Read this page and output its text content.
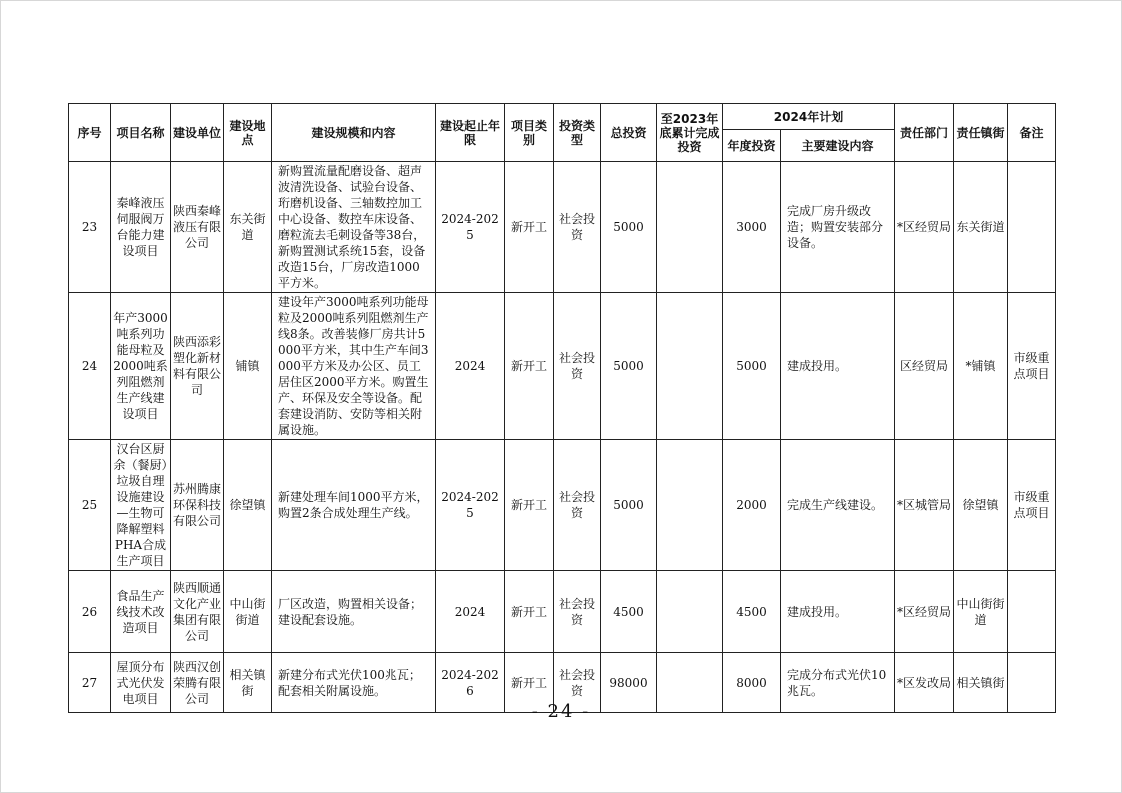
序号	项目名称	建设单位	建设地点	建设规模和内容	建设起止年限	项目类别	投资类型	总投资	至2023年底累计完成投资	2024年计划		责任部门	责任镇街	备注
										年度投资	主要建设内容			
23	秦峰液压伺服阀万台能力建设项目	陕西秦峰液压有限公司	东关街道	新购置流量配磨设备、超声波清洗设备、试验台设备、珩磨机设备、三轴数控加工中心设备、数控车床设备、磨粒流去毛刺设备等38台，新购置测试系统15套，设备改造15台，厂房改造1000平方米。	2024-2025	新开工	社会投资	5000		3000	完成厂房升级改造；购置安装部分设备。	*区经贸局	东关街道	
24	年产3000吨系列功能母粒及2000吨系列阻燃剂生产线建设项目	陕西添彩塑化新材料有限公司	铺镇	建设年产3000吨系列功能母粒及2000吨系列阻燃剂生产线8条。改善装修厂房共计5000平方米，其中生产车间3000平方米及办公区、员工居住区2000平方米。购置生产、环保及安全等设备。配套建设消防、安防等相关附属设施。	2024	新开工	社会投资	5000		5000	建成投用。	区经贸局	*铺镇	市级重点项目
25	汉台区厨余（餐厨）垃圾自理设施建设—生物可降解塑料PHA合成生产项目	苏州腾康环保科技有限公司	徐望镇	新建处理车间1000平方米，购置2条合成处理生产线。	2024-2025	新开工	社会投资	5000		2000	完成生产线建设。	*区城管局	徐望镇	市级重点项目
26	食品生产线技术改造项目	陕西顺通文化产业集团有限公司	中山街街道	厂区改造，购置相关设备；建设配套设施。	2024	新开工	社会投资	4500		4500	建成投用。	*区经贸局	中山街街道	
27	屋顶分布式光伏发电项目	陕西汉创荣腾有限公司	相关镇街	新建分布式光伏100兆瓦；配套相关附属设施。	2024-2026	新开工	社会投资	98000		8000	完成分布式光伏10兆瓦。	*区发改局	相关镇街	
- 24 -
